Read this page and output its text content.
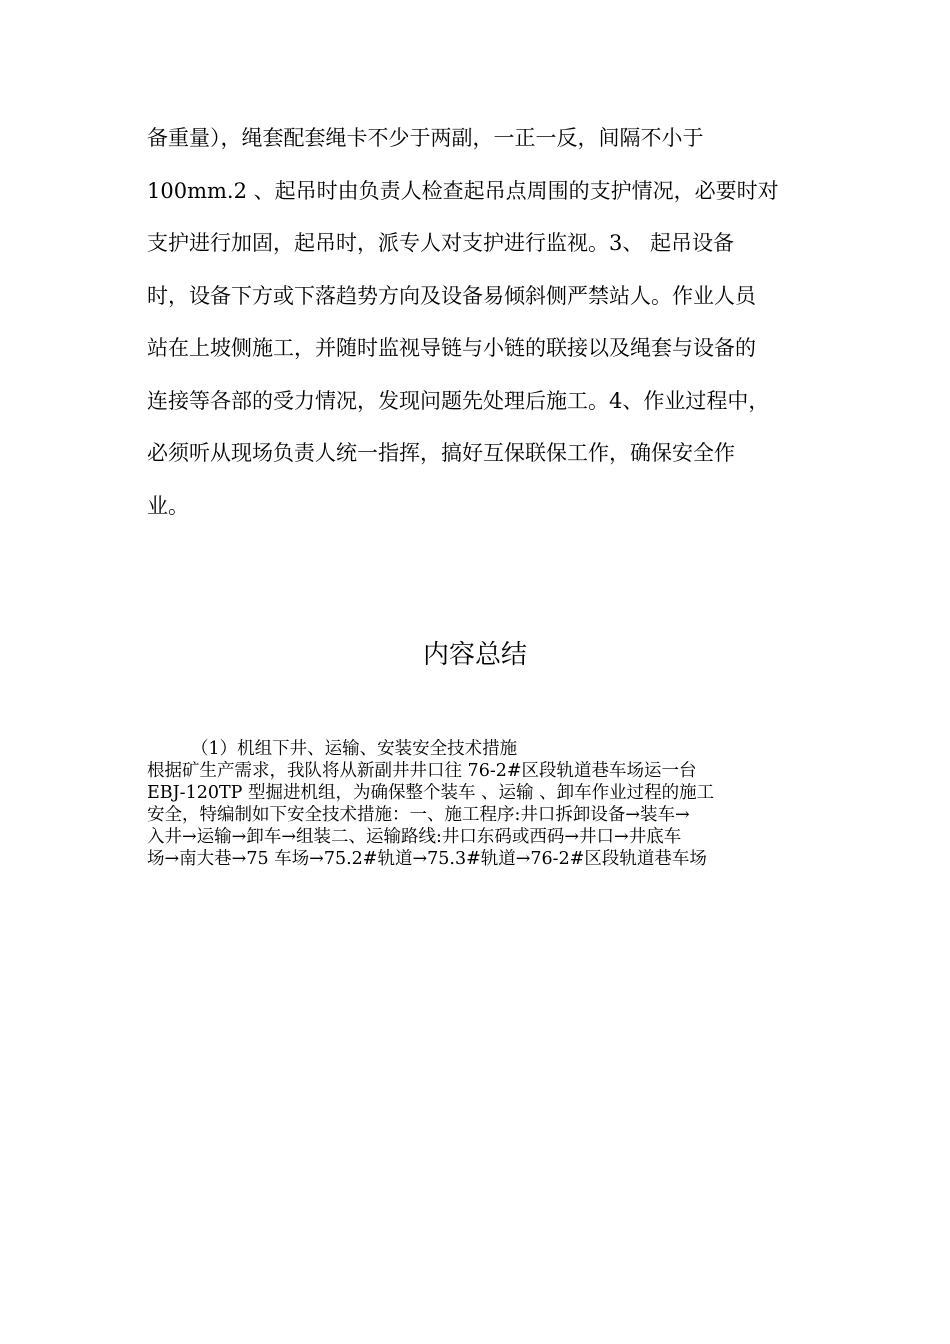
备重量），绳套配套绳卡不少于两副，一正一反，间隔不小于
100mm.2 、起吊时由负责人检查起吊点周围的支护情况，必要时对
支护进行加固，起吊时，派专人对支护进行监视。3、 起吊设备
时，设备下方或下落趋势方向及设备易倾斜侧严禁站人。作业人员
站在上坡侧施工，并随时监视导链与小链的联接以及绳套与设备的
连接等各部的受力情况，发现问题先处理后施工。4、作业过程中，
必须听从现场负责人统一指挥，搞好互保联保工作，确保安全作
业。
内容总结
（1）机组下井、运输、安装安全技术措施
根据矿生产需求，我队将从新副井井口往 76-2#区段轨道巷车场运一台
EBJ-120TP 型掘进机组，为确保整个装车 、运输 、卸车作业过程的施工
安全，特编制如下安全技术措施：一、施工程序:井口拆卸设备→装车→
入井→运输→卸车→组装二、运输路线:井口东码或西码→井口→井底车
场→南大巷→75 车场→75.2#轨道→75.3#轨道→76-2#区段轨道巷车场
